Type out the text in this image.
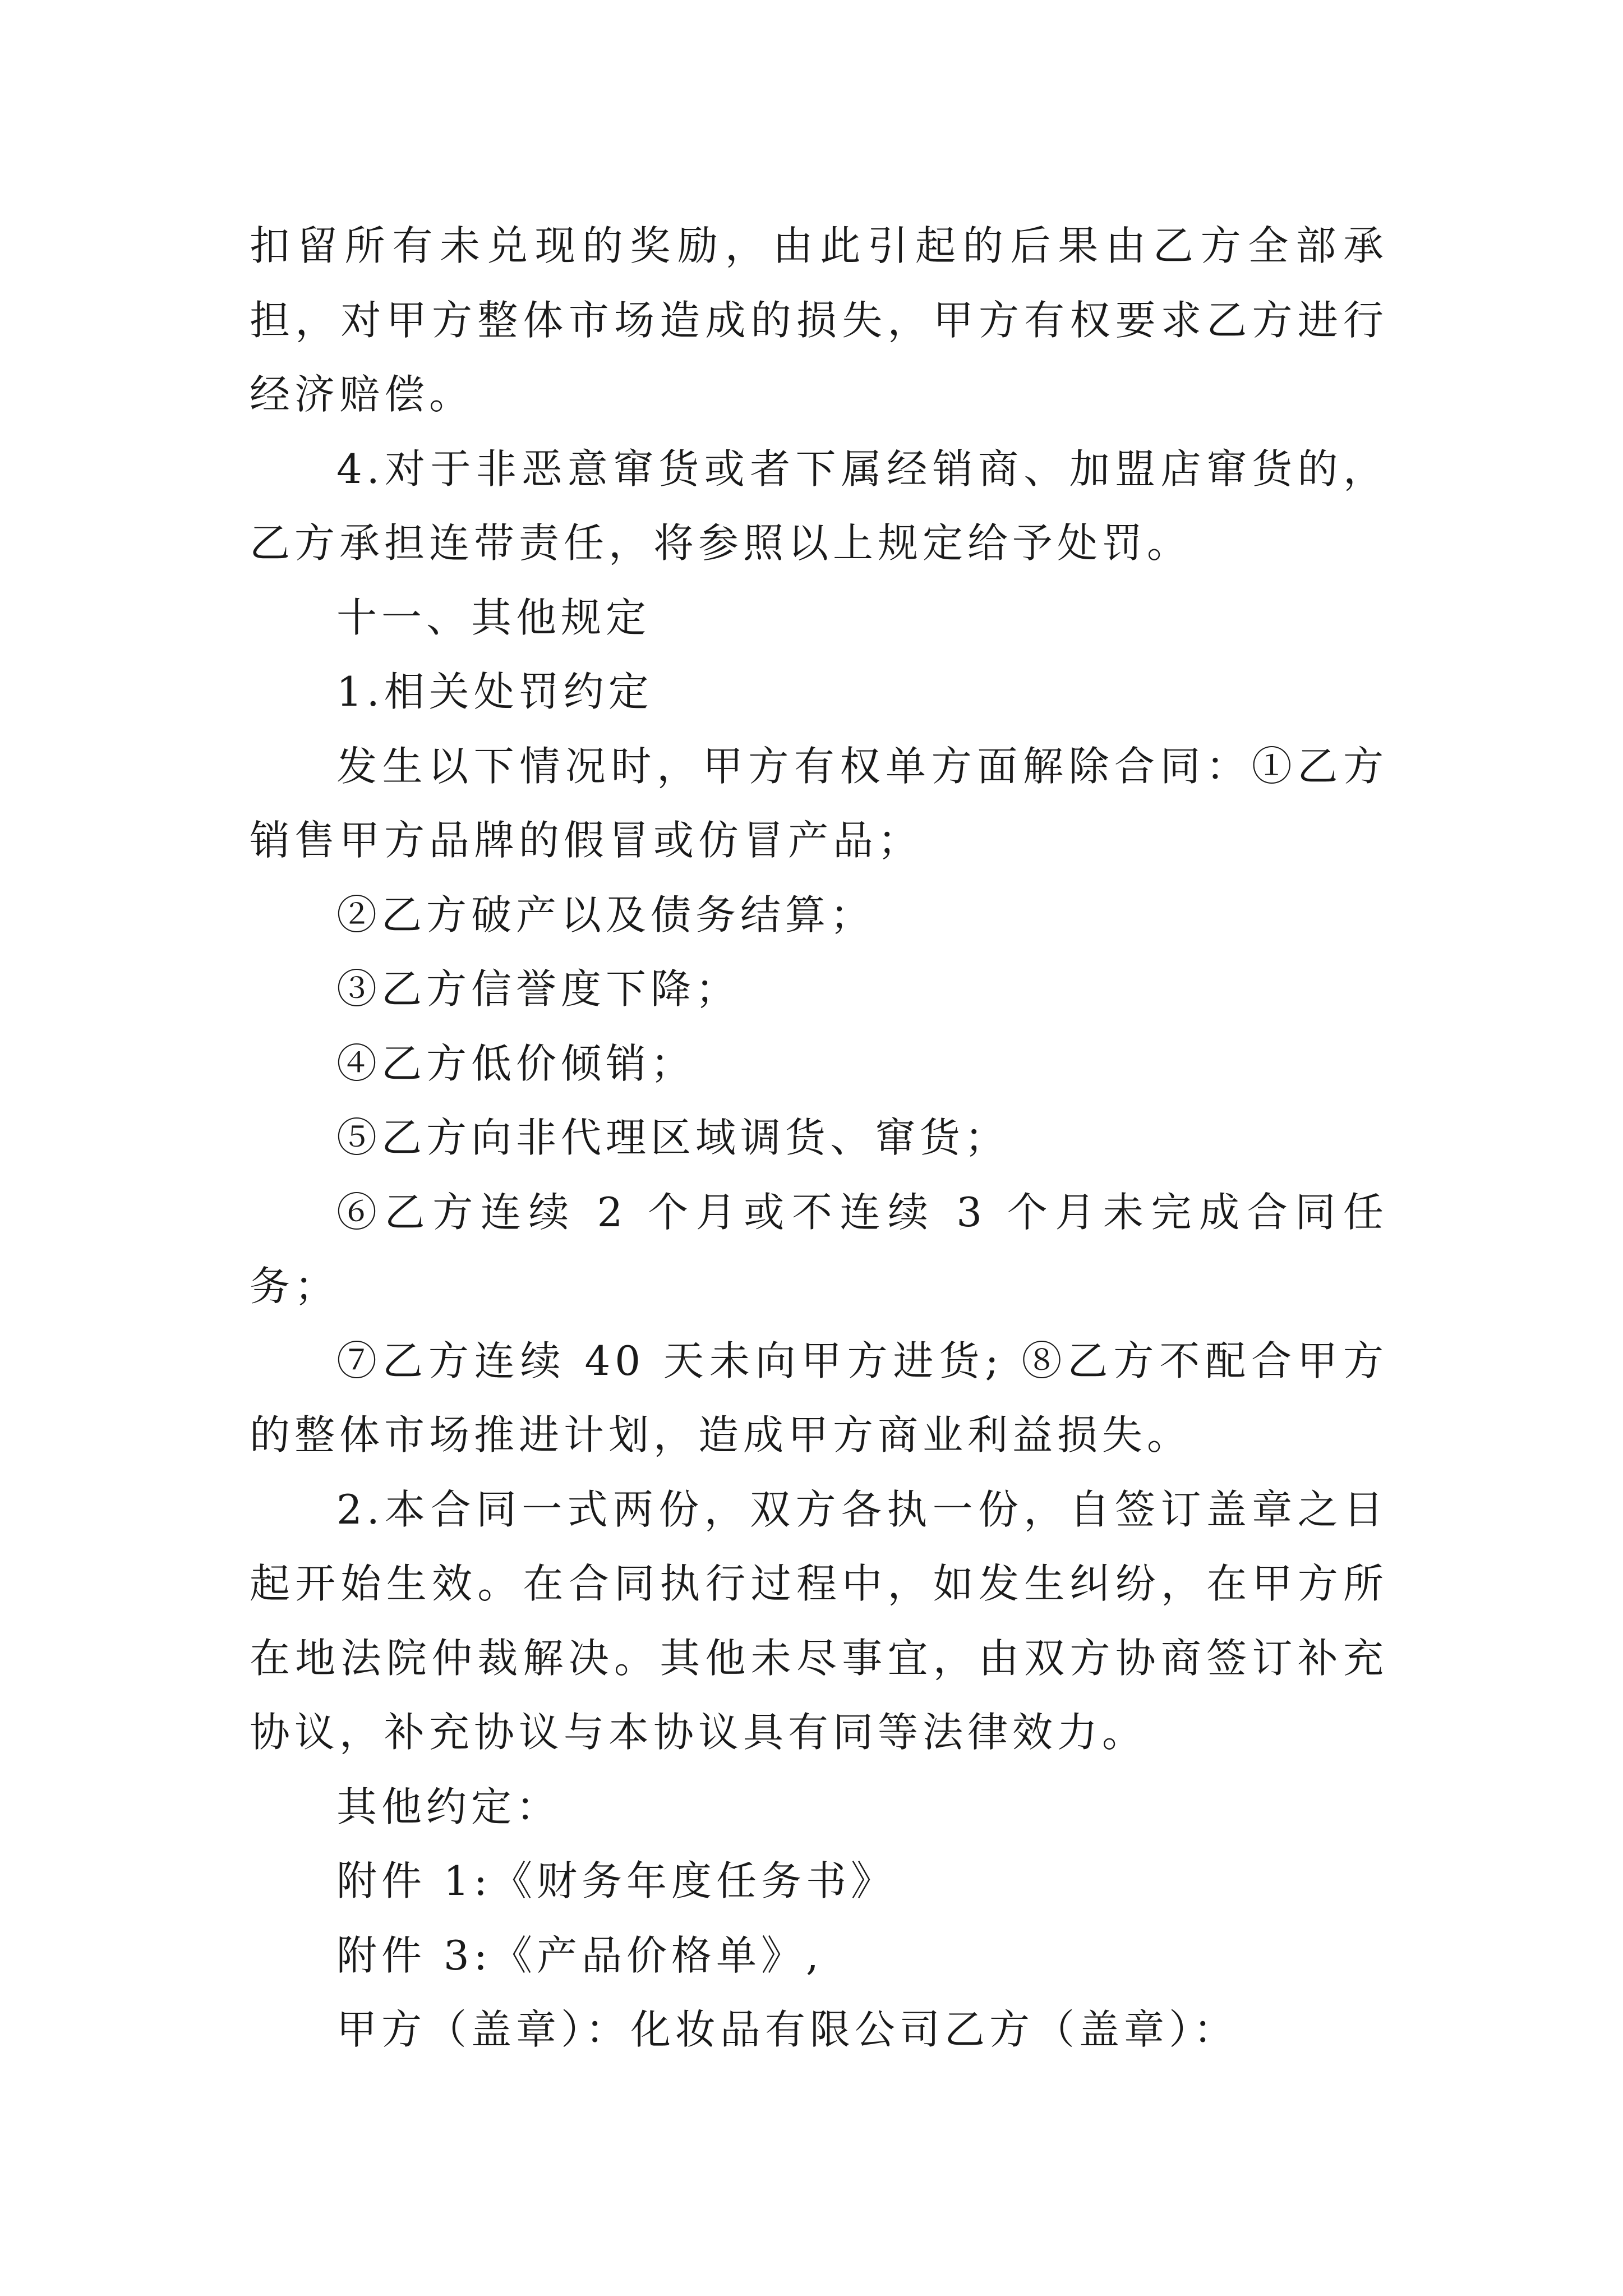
扣留所有未兑现的奖励，由此引起的后果由乙方全部承担，对甲方整体市场造成的损失，甲方有权要求乙方进行经济赔偿。

4.对于非恶意窜货或者下属经销商、加盟店窜货的，乙方承担连带责任，将参照以上规定给予处罚。

十一、其他规定

1.相关处罚约定

发生以下情况时，甲方有权单方面解除合同：①乙方销售甲方品牌的假冒或仿冒产品；

②乙方破产以及债务结算；

③乙方信誉度下降；

④乙方低价倾销；

⑤乙方向非代理区域调货、窜货；

⑥乙方连续 2 个月或不连续 3 个月未完成合同任务；

⑦乙方连续 40 天未向甲方进货; ⑧乙方不配合甲方的整体市场推进计划，造成甲方商业利益损失。

2.本合同一式两份，双方各执一份，自签订盖章之日起开始生效。在合同执行过程中，如发生纠纷，在甲方所在地法院仲裁解决。其他未尽事宜，由双方协商签订补充协议，补充协议与本协议具有同等法律效力。

其他约定：

附件 1:《财务年度任务书》

附件 3:《产品价格单》,

甲方（盖章）：化妆品有限公司乙方（盖章）：
